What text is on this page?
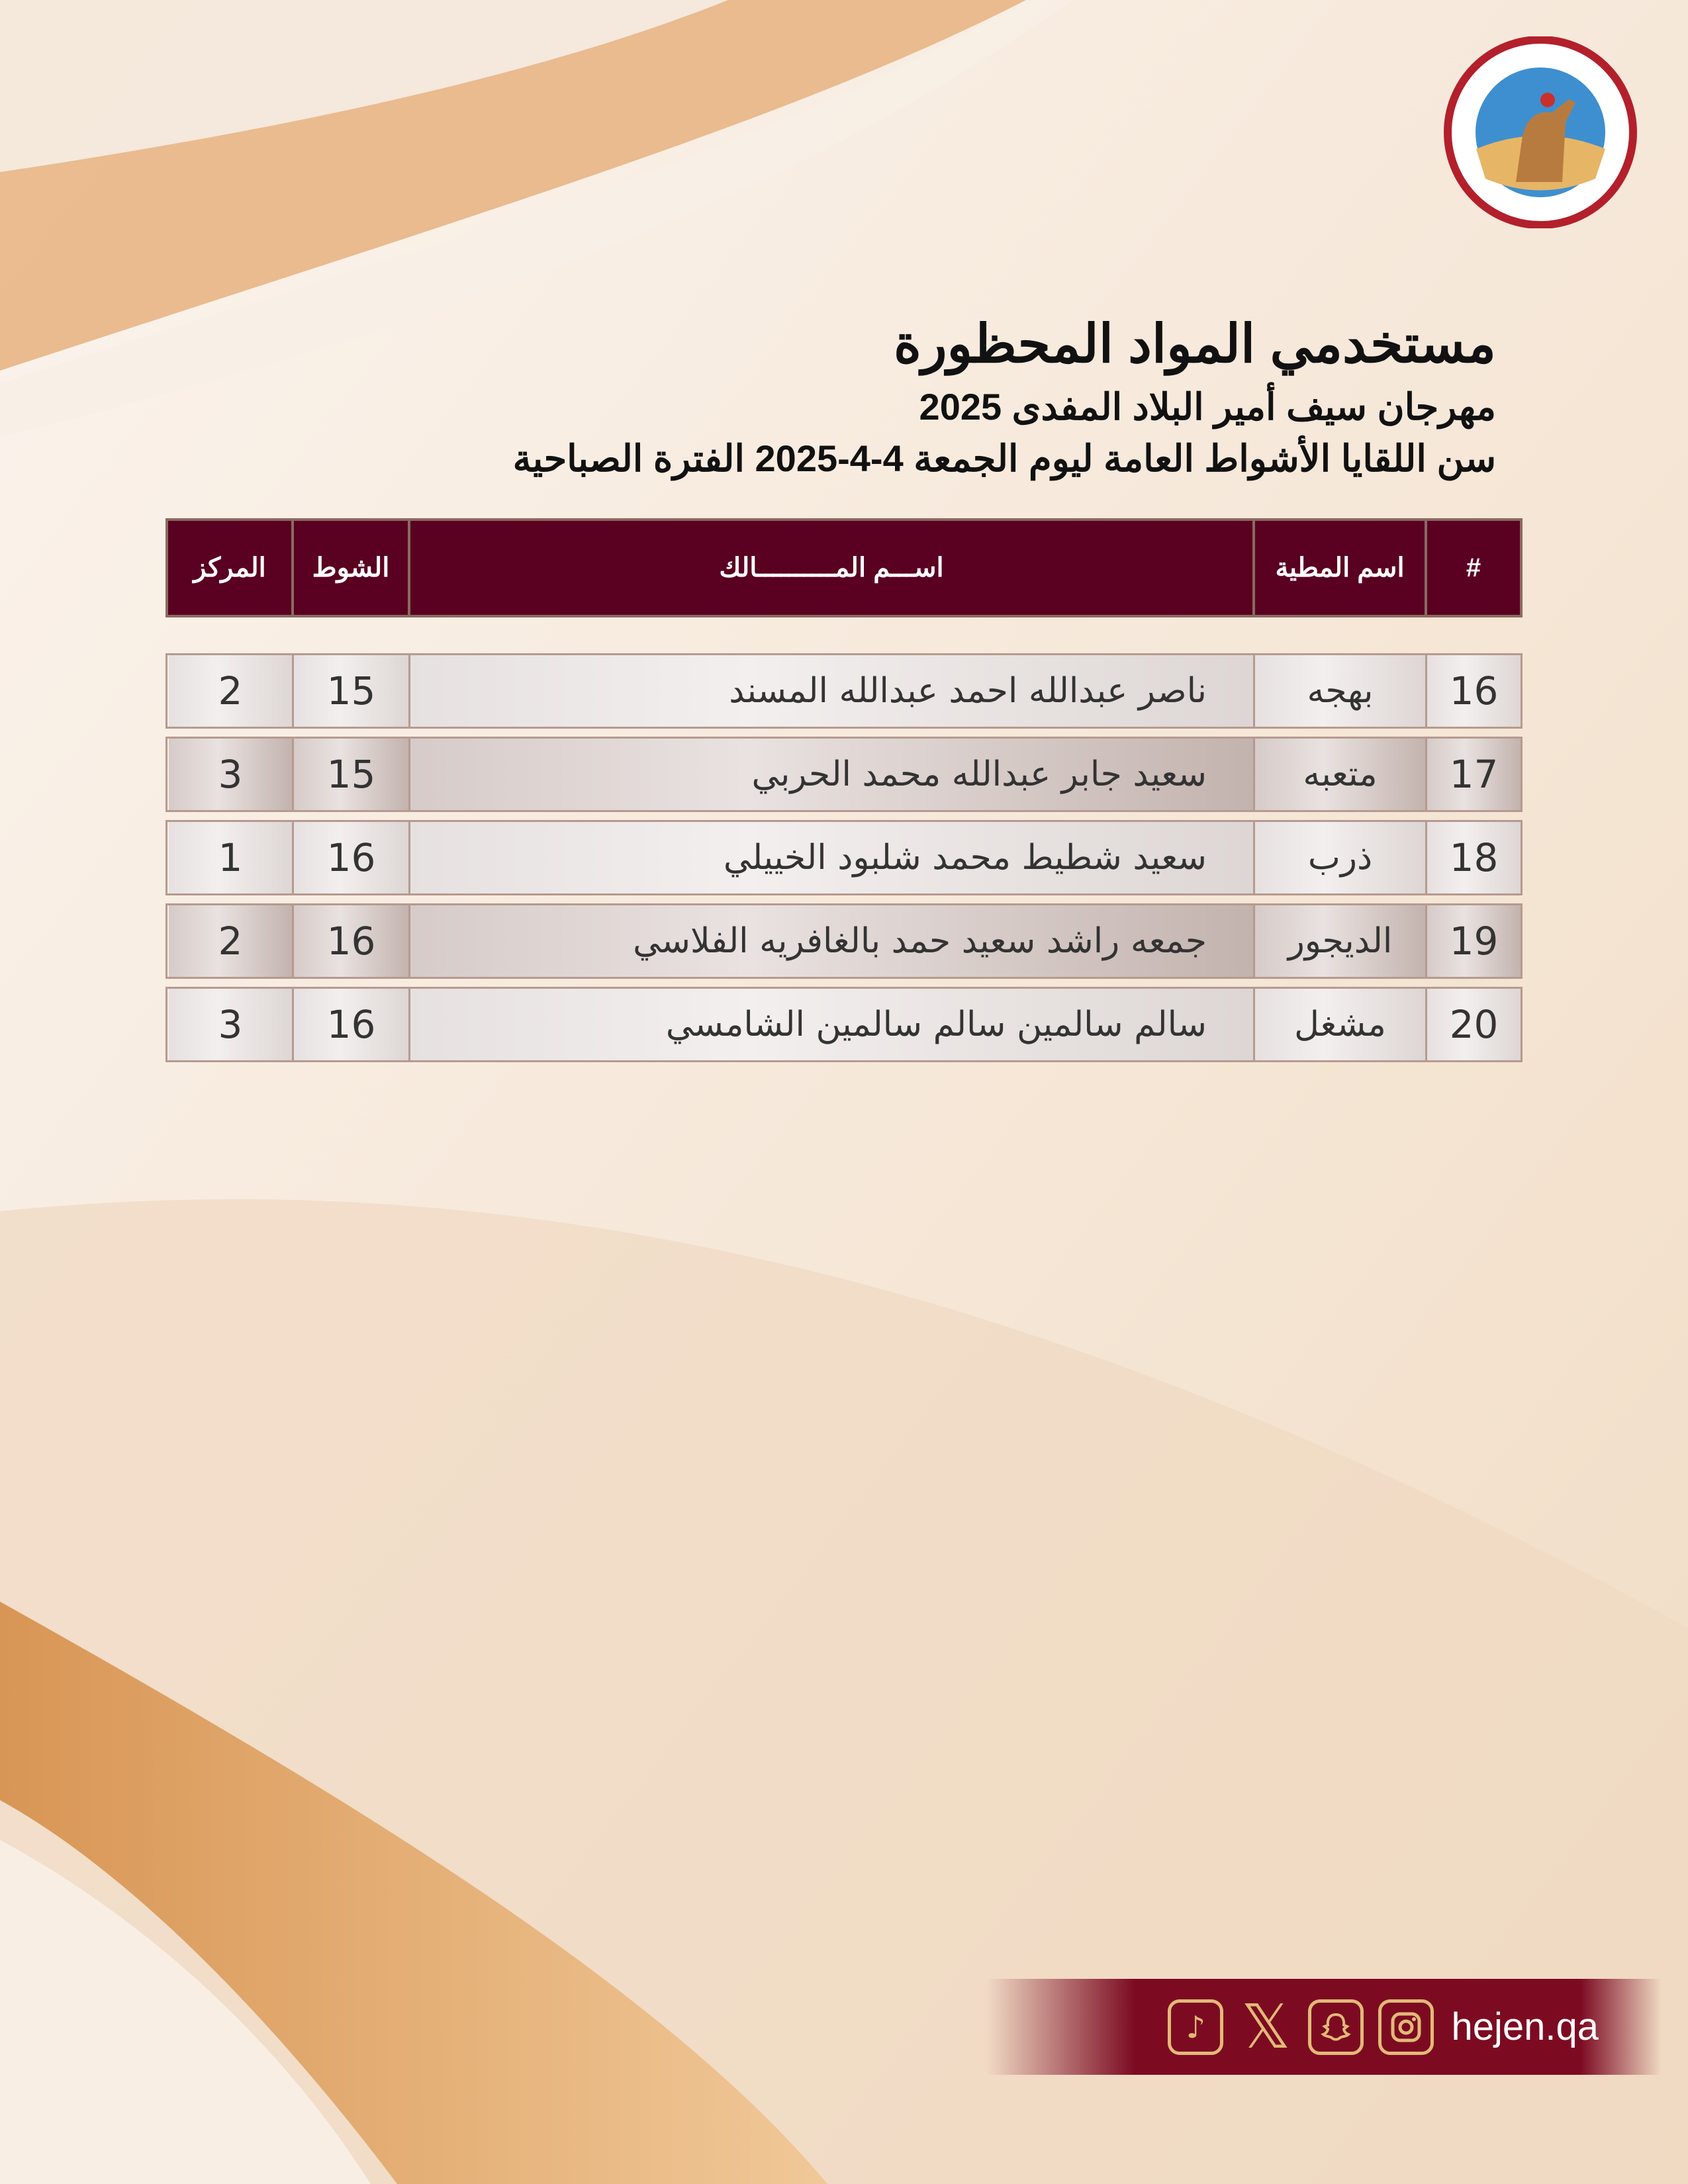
مستخدمي المواد المحظورة
مهرجان سيف أمير البلاد المفدى 2025
سن اللقايا الأشواط العامة ليوم الجمعة 4-4-2025 الفترة الصباحية
#
اسم المطية
اســـم المــــــــــالك
الشوط
المركز
16
بهجه
ناصر عبدالله احمد عبدالله المسند
15
2
17
متعبه
سعيد جابر عبدالله محمد الحربي
15
3
18
ذرب
سعيد شطيط محمد شلبود الخييلي
16
1
19
الديجور
جمعه راشد سعيد حمد بالغافريه الفلاسي
16
2
20
مشغل
سالم سالمين سالم سالمين الشامسي
16
3
♪ 𝕏	hejen.qa
